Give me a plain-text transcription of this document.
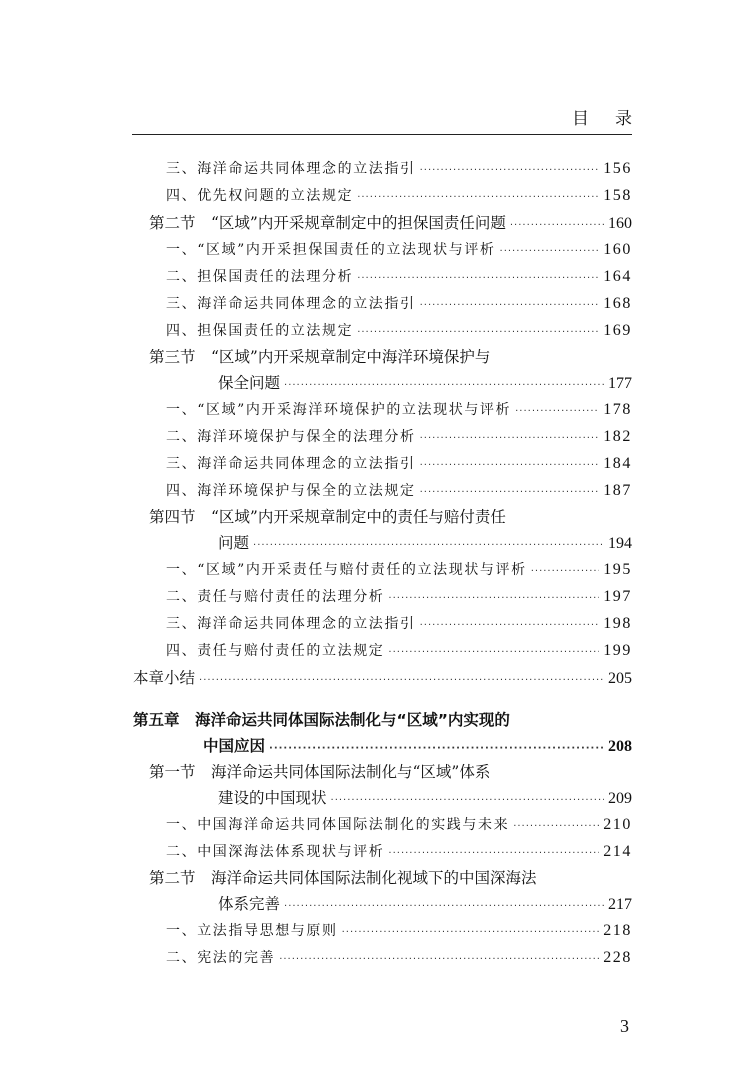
目录
三、海洋命运共同体理念的立法指引 ·····	156
四、优先权问题的立法规定 ·····	158
第二节　“区域”内开采规章制定中的担保国责任问题 ·····	160
一、“区域”内开采担保国责任的立法现状与评析 ·····	160
二、担保国责任的法理分析 ·····	164
三、海洋命运共同体理念的立法指引 ·····	168
四、担保国责任的立法规定 ·····	169
第三节　“区域”内开采规章制定中海洋环境保护与
保全问题 ·····	177
一、“区域”内开采海洋环境保护的立法现状与评析 ·····	178
二、海洋环境保护与保全的法理分析 ·····	182
三、海洋命运共同体理念的立法指引 ·····	184
四、海洋环境保护与保全的立法规定 ·····	187
第四节　“区域”内开采规章制定中的责任与赔付责任
问题 ·····	194
一、“区域”内开采责任与赔付责任的立法现状与评析 ·····	195
二、责任与赔付责任的法理分析 ·····	197
三、海洋命运共同体理念的立法指引 ·····	198
四、责任与赔付责任的立法规定 ·····	199
本章小结 ·····	205
第五章　海洋命运共同体国际法制化与“区域”内实现的
中国应因 ·····	208
第一节　海洋命运共同体国际法制化与“区域”体系
建设的中国现状 ·····	209
一、中国海洋命运共同体国际法制化的实践与未来 ·····	210
二、中国深海法体系现状与评析 ·····	214
第二节　海洋命运共同体国际法制化视域下的中国深海法
体系完善 ·····	217
一、立法指导思想与原则 ·····	218
二、宪法的完善 ·····	228
3
